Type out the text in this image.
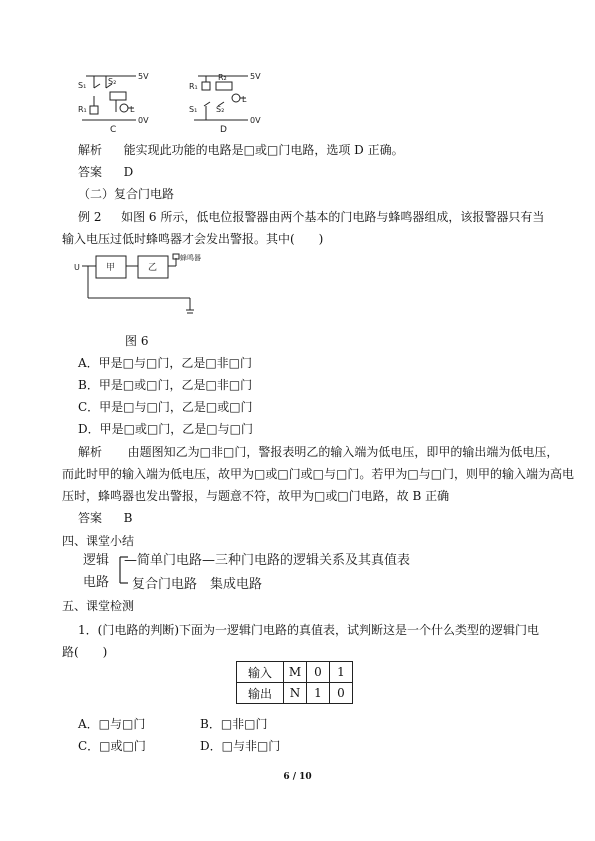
S₁	S₂
R₁	L
5V
0V
C
R₁
R₂
S₁ S₂
L
5V
0V
D
解析 能实现此功能的电路是□或□门电路，选项 D 正确。
答案 D
（二）复合门电路
例 2 如图 6 所示，低电位报警器由两个基本的门电路与蜂鸣器组成，该报警器只有当
输入电压过低时蜂鸣器才会发出警报。其中(　　)
U	甲	乙
蜂鸣器
图 6
A．甲是□与□门，乙是□非□门
B．甲是□或□门，乙是□非□门
C．甲是□与□门，乙是□或□门
D．甲是□或□门，乙是□与□门
解析 由题图知乙为□非□门，警报表明乙的输入端为低电压，即甲的输出端为低电压，
而此时甲的输入端为低电压，故甲为□或□门或□与□门。若甲为□与□门，则甲的输入端为高电
压时，蜂鸣器也发出警报，与题意不符，故甲为□或□门电路，故 B 正确
答案 B
四、课堂小结
逻辑
电路
—简单门电路—三种门电路的逻辑关系及其真值表
复合门电路　集成电路
五、课堂检测
1．(门电路的判断)下面为一逻辑门电路的真值表，试判断这是一个什么类型的逻辑门电
路(　　)
输入	M	0	1
输出	N	1	0
A．□与□门	B．□非□门
C．□或□门	D．□与非□门
6 / 10
